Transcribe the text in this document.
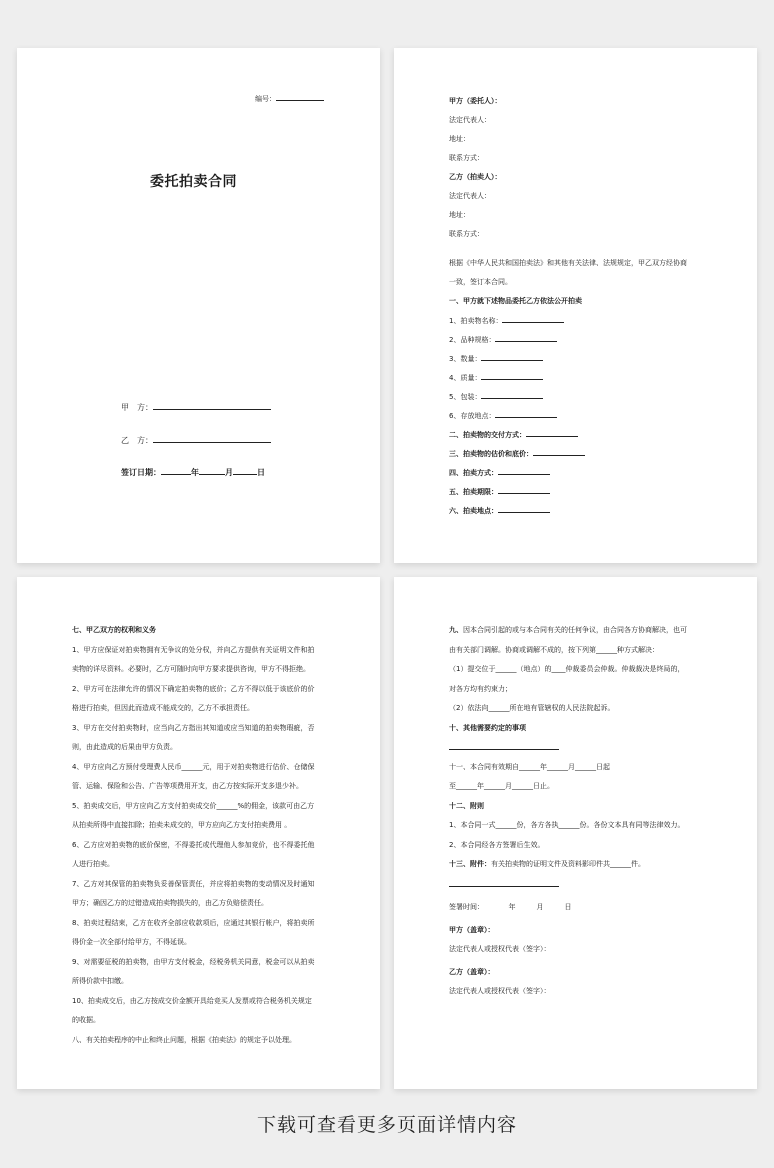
编号：
委托拍卖合同
甲　方：
乙　方：
签订日期：	年	月	日
甲方（委托人）：
法定代表人：
地址：
联系方式：
乙方（拍卖人）：
法定代表人：
地址：
联系方式：
根据《中华人民共和国拍卖法》和其他有关法律、法规规定，甲乙双方经协商
一致，签订本合同。
一、甲方就下述物品委托乙方依法公开拍卖
1、拍卖物名称：
2、品种规格：
3、数量：
4、质量：
5、包装：
6、存放地点：
二、拍卖物的交付方式：
三、拍卖物的估价和底价：
四、拍卖方式：
五、拍卖期限：
六、拍卖地点：
七、甲乙双方的权利和义务
1、甲方应保证对拍卖物拥有无争议的处分权，并向乙方提供有关证明文件和拍
卖物的详尽资料。必要时，乙方可随时向甲方要求提供咨询，甲方不得拒绝。
2、甲方可在法律允许的情况下确定拍卖物的底价；乙方不得以低于该底价的价
格进行拍卖，但因此而造成不能成交的，乙方不承担责任。
3、甲方在交付拍卖物时，应当向乙方指出其知道或应当知道的拍卖物瑕疵，否
则，由此造成的后果由甲方负责。
4、甲方应向乙方预付受理费人民币______元，用于对拍卖物进行估价、仓储保
管、运输、保险和公告、广告等项费用开支，由乙方按实际开支多退少补。
5、拍卖成交后，甲方应向乙方支付拍卖成交价______%的佣金，该款可由乙方
从拍卖所得中直接扣除；拍卖未成交的，甲方应向乙方支付拍卖费用 。
6、乙方应对拍卖物的底价保密，不得委托或代理他人参加竞价，也不得委托他
人进行拍卖。
7、乙方对其保管的拍卖物负妥善保管责任，并应将拍卖物的变动情况及时通知
甲方；确因乙方的过错造成拍卖物损失的，由乙方负赔偿责任。
8、拍卖过程结束，乙方在收齐全部应收款项后，应通过其银行帐户，将拍卖所
得价金一次全部付给甲方，不得延误。
9、对需要征税的拍卖物，由甲方支付税金，经税务机关同意，税金可以从拍卖
所得价款中扣缴。
10、拍卖成交后，由乙方按成交价金额开具给竞买人发票或符合税务机关规定
的收据。
八、有关拍卖程序的中止和终止问题，根据《拍卖法》的规定予以处理。
九、因本合同引起的或与本合同有关的任何争议，由合同各方协商解决，也可
由有关部门调解。协商或调解不成的，按下列第______种方式解决：
（1）提交位于______（地点）的____仲裁委员会仲裁。仲裁裁决是终局的，
对各方均有约束力；
（2）依法向______所在地有管辖权的人民法院起诉。
十、其他需要约定的事项
十一、本合同有效期自______年______月______日起
至______年______月______日止。
十二、附则
1、本合同一式______份，各方各执______份。各份文本具有同等法律效力。
2、本合同经各方签署后生效。
十三、附件：有关拍卖物的证明文件及资料影印件共______件。
签署时间：　　　　年　　　月　　　日
甲方（盖章）：
法定代表人或授权代表（签字）：
乙方（盖章）：
法定代表人或授权代表（签字）：
下载可查看更多页面详情内容
